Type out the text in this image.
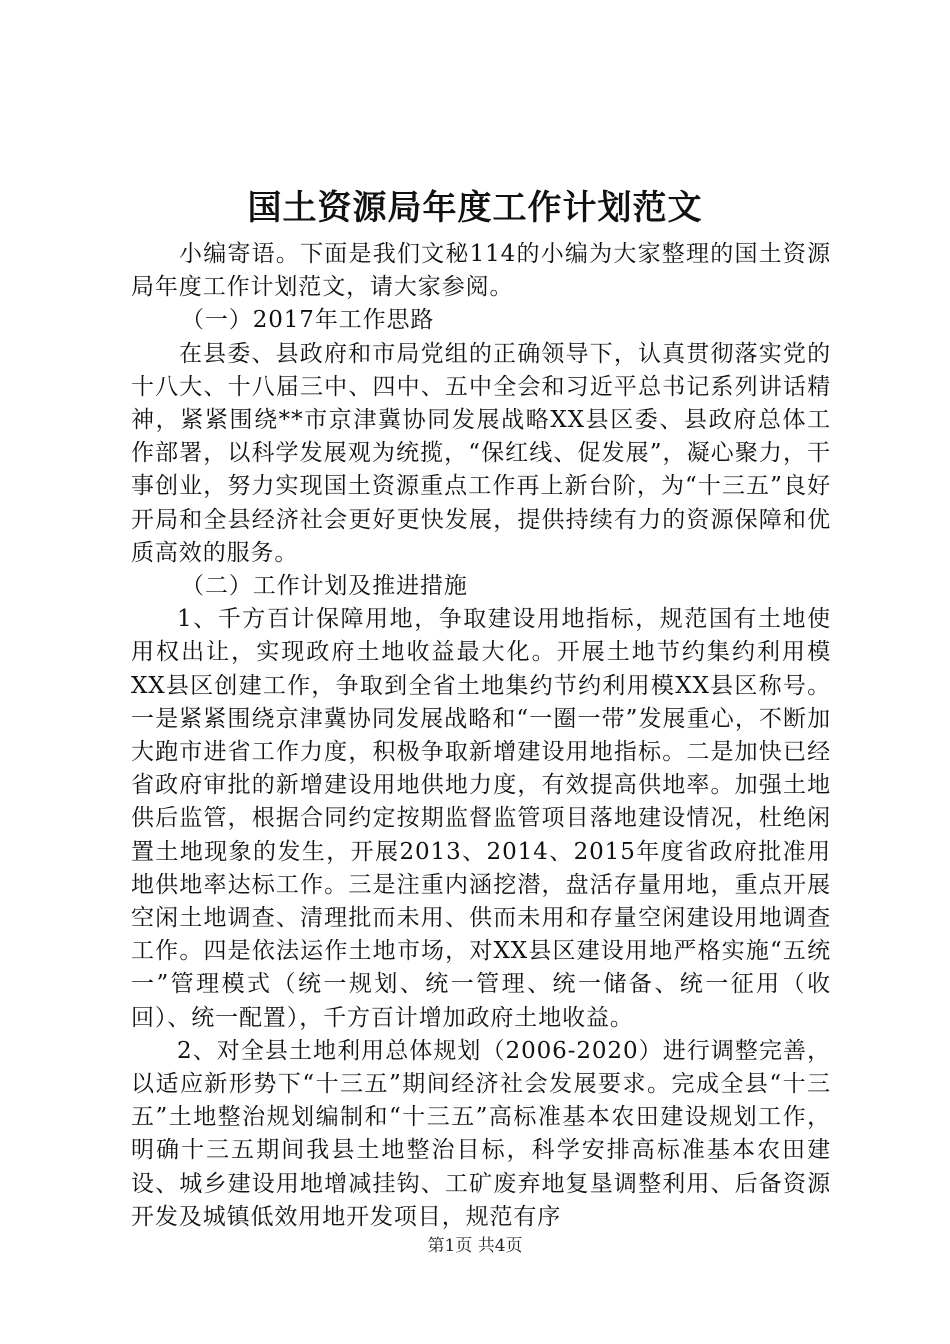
国土资源局年度工作计划范文

小编寄语。下面是我们文秘114的小编为大家整理的国土资源局年度工作计划范文，请大家参阅。

（一）2017年工作思路

在县委、县政府和市局党组的正确领导下，认真贯彻落实党的十八大、十八届三中、四中、五中全会和习近平总书记系列讲话精神，紧紧围绕**市京津冀协同发展战略XX县区委、县政府总体工作部署，以科学发展观为统揽，“保红线、促发展”，凝心聚力，干事创业，努力实现国土资源重点工作再上新台阶，为“十三五”良好开局和全县经济社会更好更快发展，提供持续有力的资源保障和优质高效的服务。

（二）工作计划及推进措施

1、千方百计保障用地，争取建设用地指标，规范国有土地使用权出让，实现政府土地收益最大化。开展土地节约集约利用模XX县区创建工作，争取到全省土地集约节约利用模XX县区称号。一是紧紧围绕京津冀协同发展战略和“一圈一带”发展重心，不断加大跑市进省工作力度，积极争取新增建设用地指标。二是加快已经省政府审批的新增建设用地供地力度，有效提高供地率。加强土地供后监管，根据合同约定按期监督监管项目落地建设情况，杜绝闲置土地现象的发生，开展2013、2014、2015年度省政府批准用地供地率达标工作。三是注重内涵挖潜，盘活存量用地，重点开展空闲土地调查、清理批而未用、供而未用和存量空闲建设用地调查工作。四是依法运作土地市场，对XX县区建设用地严格实施“五统一”管理模式（统一规划、统一管理、统一储备、统一征用（收回）、统一配置），千方百计增加政府土地收益。

2、对全县土地利用总体规划（2006-2020）进行调整完善，以适应新形势下“十三五”期间经济社会发展要求。完成全县“十三五”土地整治规划编制和“十三五”高标准基本农田建设规划工作，明确十三五期间我县土地整治目标，科学安排高标准基本农田建设、城乡建设用地增减挂钩、工矿废弃地复垦调整利用、后备资源开发及城镇低效用地开发项目，规范有序

第1页 共4页
